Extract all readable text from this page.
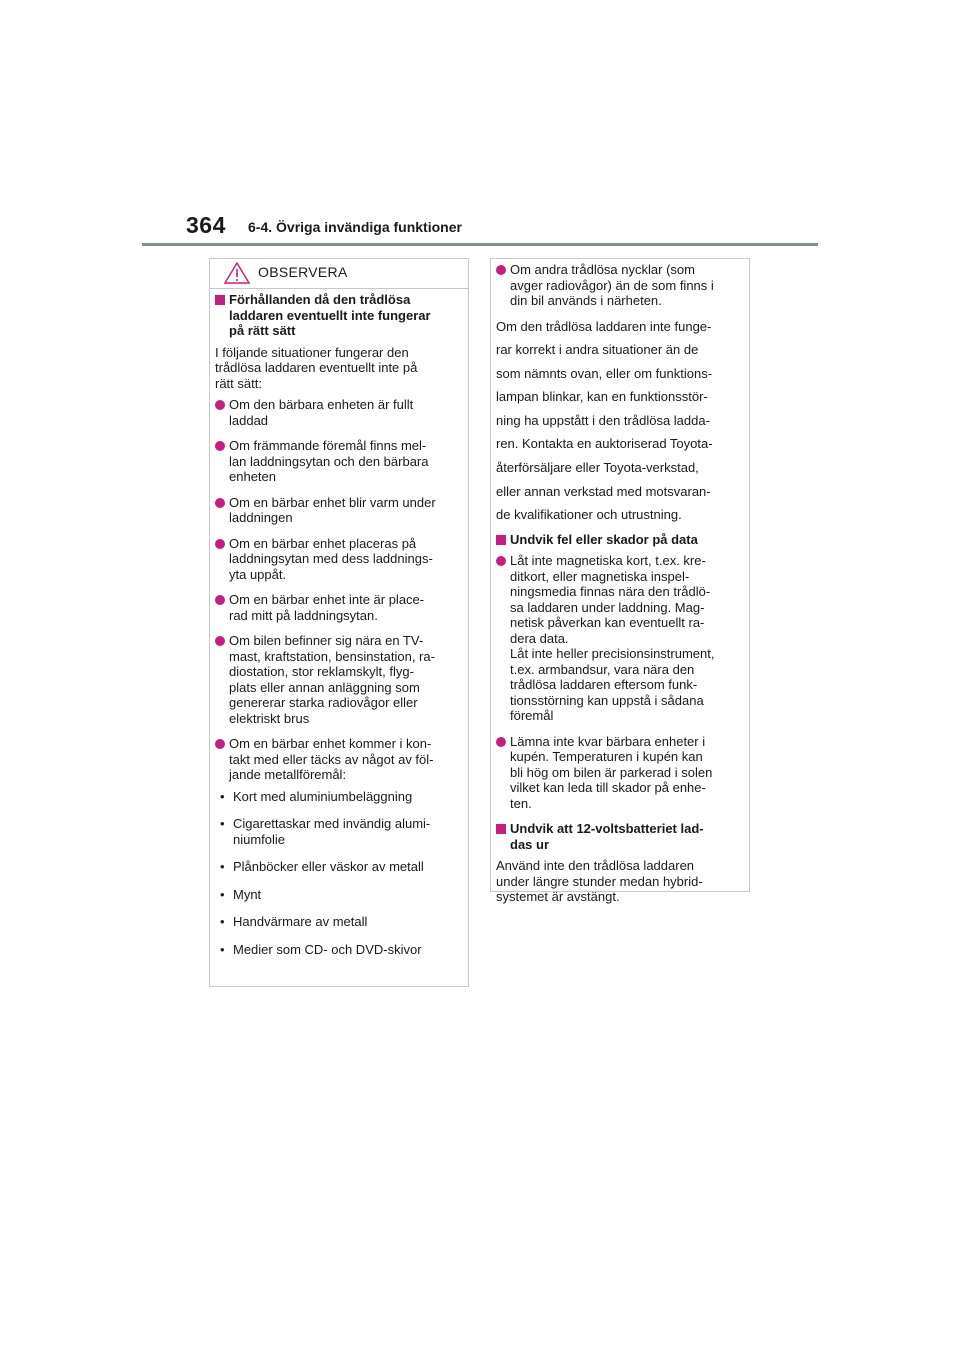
364 6-4. Övriga invändiga funktioner
OBSERVERA
Förhållanden då den trådlösa
laddaren eventuellt inte fungerar
på rätt sätt
I följande situationer fungerar den
trådlösa laddaren eventuellt inte på
rätt sätt:
Om den bärbara enheten är fullt
laddad
Om främmande föremål finns mel-
lan laddningsytan och den bärbara
enheten
Om en bärbar enhet blir varm under
laddningen
Om en bärbar enhet placeras på
laddningsytan med dess laddnings-
yta uppåt.
Om en bärbar enhet inte är place-
rad mitt på laddningsytan.
Om bilen befinner sig nära en TV-
mast, kraftstation, bensinstation, ra-
diostation, stor reklamskylt, flyg-
plats eller annan anläggning som
genererar starka radiovågor eller
elektriskt brus
Om en bärbar enhet kommer i kon-
takt med eller täcks av något av föl-
jande metallföremål:
• Kort med aluminiumbeläggning
• Cigarettaskar med invändig alumi-
niumfolie
• Plånböcker eller väskor av metall
• Mynt
• Handvärmare av metall
• Medier som CD- och DVD-skivor
Om andra trådlösa nycklar (som
avger radiovågor) än de som finns i
din bil används i närheten.
Om den trådlösa laddaren inte funge-
rar korrekt i andra situationer än de
som nämnts ovan, eller om funktions-
lampan blinkar, kan en funktionsstör-
ning ha uppstått i den trådlösa ladda-
ren. Kontakta en auktoriserad Toyota-
återförsäljare eller Toyota-verkstad,
eller annan verkstad med motsvaran-
de kvalifikationer och utrustning.
Undvik fel eller skador på data
Låt inte magnetiska kort, t.ex. kre-
ditkort, eller magnetiska inspel-
ningsmedia finnas nära den trådlö-
sa laddaren under laddning. Mag-
netisk påverkan kan eventuellt ra-
dera data.
Låt inte heller precisionsinstrument,
t.ex. armbandsur, vara nära den
trådlösa laddaren eftersom funk-
tionsstörning kan uppstå i sådana
föremål
Lämna inte kvar bärbara enheter i
kupén. Temperaturen i kupén kan
bli hög om bilen är parkerad i solen
vilket kan leda till skador på enhe-
ten.
Undvik att 12-voltsbatteriet lad-
das ur
Använd inte den trådlösa laddaren
under längre stunder medan hybrid-
systemet är avstängt.
